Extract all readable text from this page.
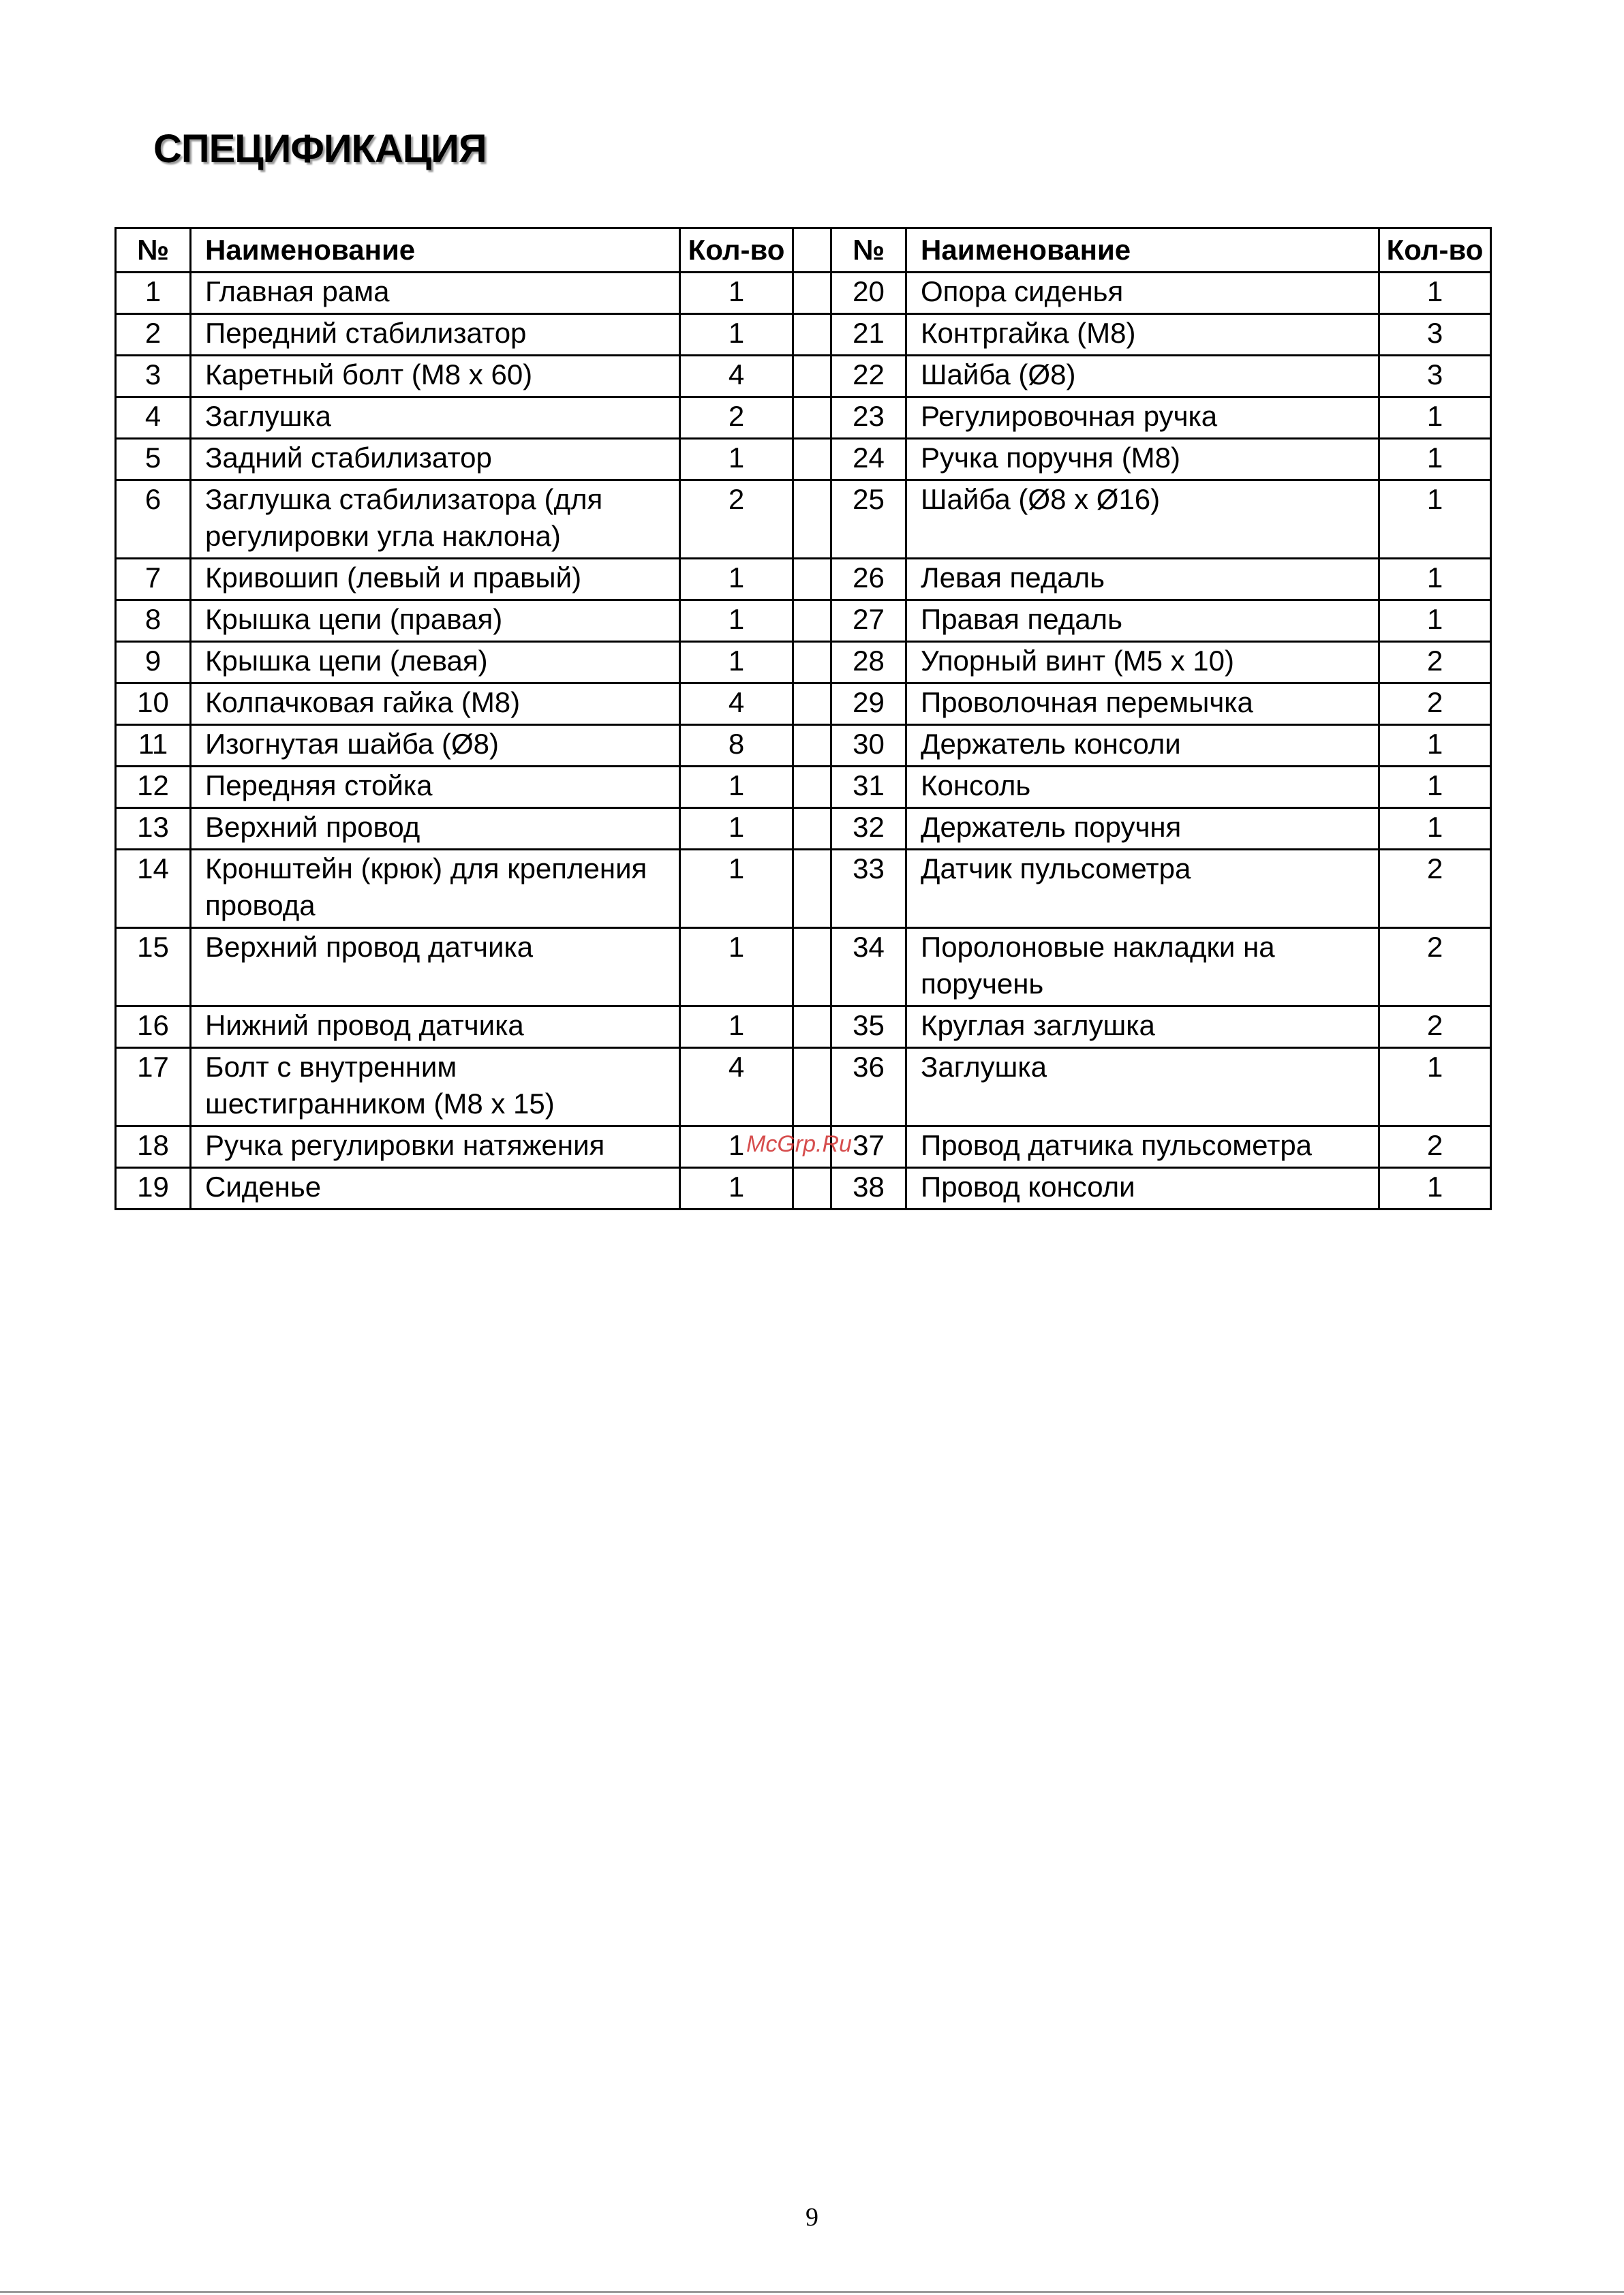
СПЕЦИФИКАЦИЯ
№	Наименование	Кол-во		№	Наименование	Кол-во
1	Главная рама	1		20	Опора сиденья	1
2	Передний стабилизатор	1		21	Контргайка (М8)	3
3	Каретный болт (М8 х 60)	4		22	Шайба (Ø8)	3
4	Заглушка	2		23	Регулировочная ручка	1
5	Задний стабилизатор	1		24	Ручка поручня (М8)	1
6	Заглушка стабилизатора (для регулировки угла наклона)	2		25	Шайба (Ø8 х Ø16)	1
7	Кривошип (левый и правый)	1		26	Левая педаль	1
8	Крышка цепи (правая)	1		27	Правая педаль	1
9	Крышка цепи (левая)	1		28	Упорный винт (М5 х 10)	2
10	Колпачковая гайка (М8)	4		29	Проволочная перемычка	2
11	Изогнутая шайба (Ø8)	8		30	Держатель консоли	1
12	Передняя стойка	1		31	Консоль	1
13	Верхний провод	1		32	Держатель поручня	1
14	Кронштейн (крюк) для крепления провода	1		33	Датчик пульсометра	2
15	Верхний провод датчика	1		34	Поролоновые накладки на поручень	2
16	Нижний провод датчика	1		35	Круглая заглушка	2
17	Болт с внутренним шестигранником (М8 х 15)	4		36	Заглушка	1
18	Ручка регулировки натяжения	1		37	Провод датчика пульсометра	2
19	Сиденье	1		38	Провод консоли	1
McGrp.Ru
9
